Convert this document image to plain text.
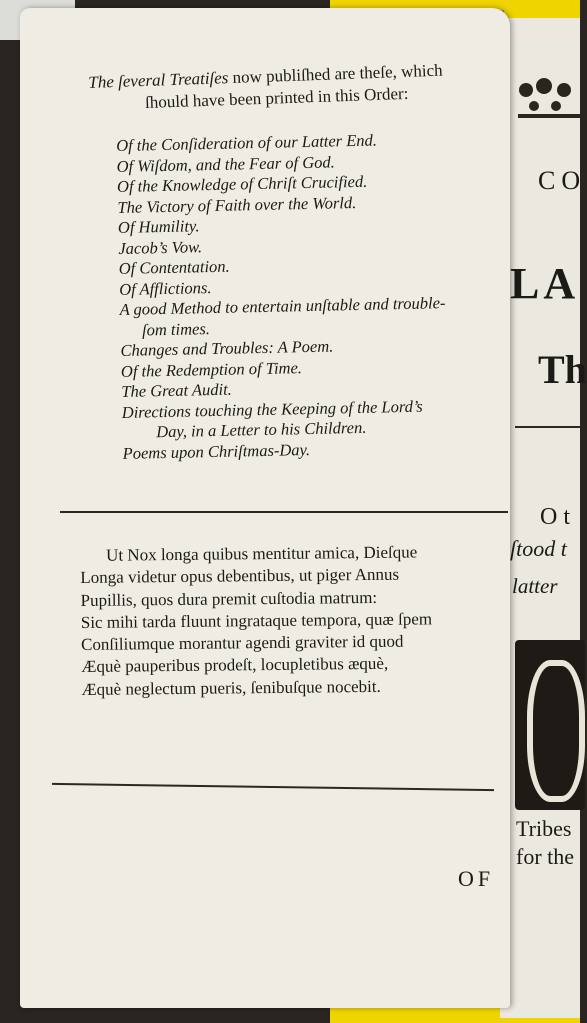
CO
LA
Th
O t
ſtood t
latter
Tribes
for the
The ſeveral Treatiſes now publiſhed are theſe, which
ſhould have been printed in this Order:
Of the Conſideration of our Latter End.
Of Wiſdom, and the Fear of God.
Of the Knowledge of Chriſt Crucified.
The Victory of Faith over the World.
Of Humility.
Jacob’s Vow.
Of Contentation.
Of Afflictions.
A good Method to entertain unſtable and trouble-
ſom times.
Changes and Troubles: A Poem.
Of the Redemption of Time.
The Great Audit.
Directions touching the Keeping of the Lord’s
Day, in a Letter to his Children.
Poems upon Chriſtmas-Day.
Ut Nox longa quibus mentitur amica, Dieſque
Longa videtur opus debentibus, ut piger Annus
Pupillis, quos dura premit cuſtodia matrum:
Sic mihi tarda fluunt ingrataque tempora, quæ ſpem
Conſiliumque morantur agendi graviter id quod
Æquè pauperibus prodeſt, locupletibus æquè,
Æquè neglectum pueris, ſenibuſque nocebit.
OF
